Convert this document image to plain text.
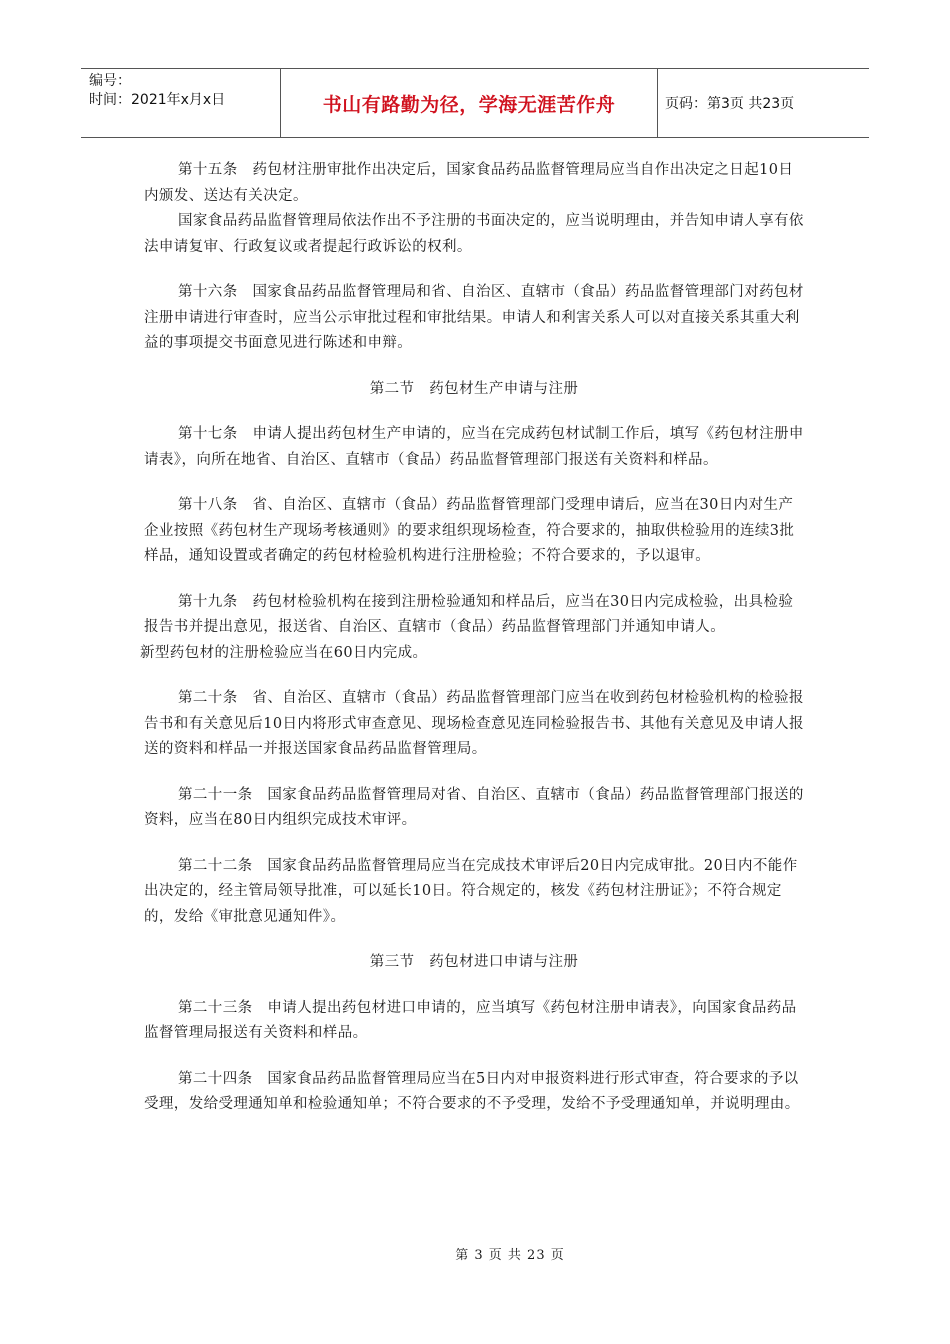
编号：
时间：2021年x月x日	书山有路勤为径，学海无涯苦作舟	页码：第3页 共23页

第十五条　药包材注册审批作出决定后，国家食品药品监督管理局应当自作出决定之日起10日内颁发、送达有关决定。

国家食品药品监督管理局依法作出不予注册的书面决定的，应当说明理由，并告知申请人享有依法申请复审、行政复议或者提起行政诉讼的权利。

第十六条　国家食品药品监督管理局和省、自治区、直辖市（食品）药品监督管理部门对药包材注册申请进行审查时，应当公示审批过程和审批结果。申请人和利害关系人可以对直接关系其重大利益的事项提交书面意见进行陈述和申辩。

第二节　药包材生产申请与注册

第十七条　申请人提出药包材生产申请的，应当在完成药包材试制工作后，填写《药包材注册申请表》，向所在地省、自治区、直辖市（食品）药品监督管理部门报送有关资料和样品。

第十八条　省、自治区、直辖市（食品）药品监督管理部门受理申请后，应当在30日内对生产企业按照《药包材生产现场考核通则》的要求组织现场检查，符合要求的，抽取供检验用的连续3批样品，通知设置或者确定的药包材检验机构进行注册检验；不符合要求的，予以退审。

第十九条　药包材检验机构在接到注册检验通知和样品后，应当在30日内完成检验，出具检验报告书并提出意见，报送省、自治区、直辖市（食品）药品监督管理部门并通知申请人。

新型药包材的注册检验应当在60日内完成。

第二十条　省、自治区、直辖市（食品）药品监督管理部门应当在收到药包材检验机构的检验报告书和有关意见后10日内将形式审查意见、现场检查意见连同检验报告书、其他有关意见及申请人报送的资料和样品一并报送国家食品药品监督管理局。

第二十一条　国家食品药品监督管理局对省、自治区、直辖市（食品）药品监督管理部门报送的资料，应当在80日内组织完成技术审评。

第二十二条　国家食品药品监督管理局应当在完成技术审评后20日内完成审批。20日内不能作出决定的，经主管局领导批准，可以延长10日。符合规定的，核发《药包材注册证》；不符合规定的，发给《审批意见通知件》。

第三节　药包材进口申请与注册

第二十三条　申请人提出药包材进口申请的，应当填写《药包材注册申请表》，向国家食品药品监督管理局报送有关资料和样品。

第二十四条　国家食品药品监督管理局应当在5日内对申报资料进行形式审查，符合要求的予以受理，发给受理通知单和检验通知单；不符合要求的不予受理，发给不予受理通知单，并说明理由。

第 3 页 共 23 页
